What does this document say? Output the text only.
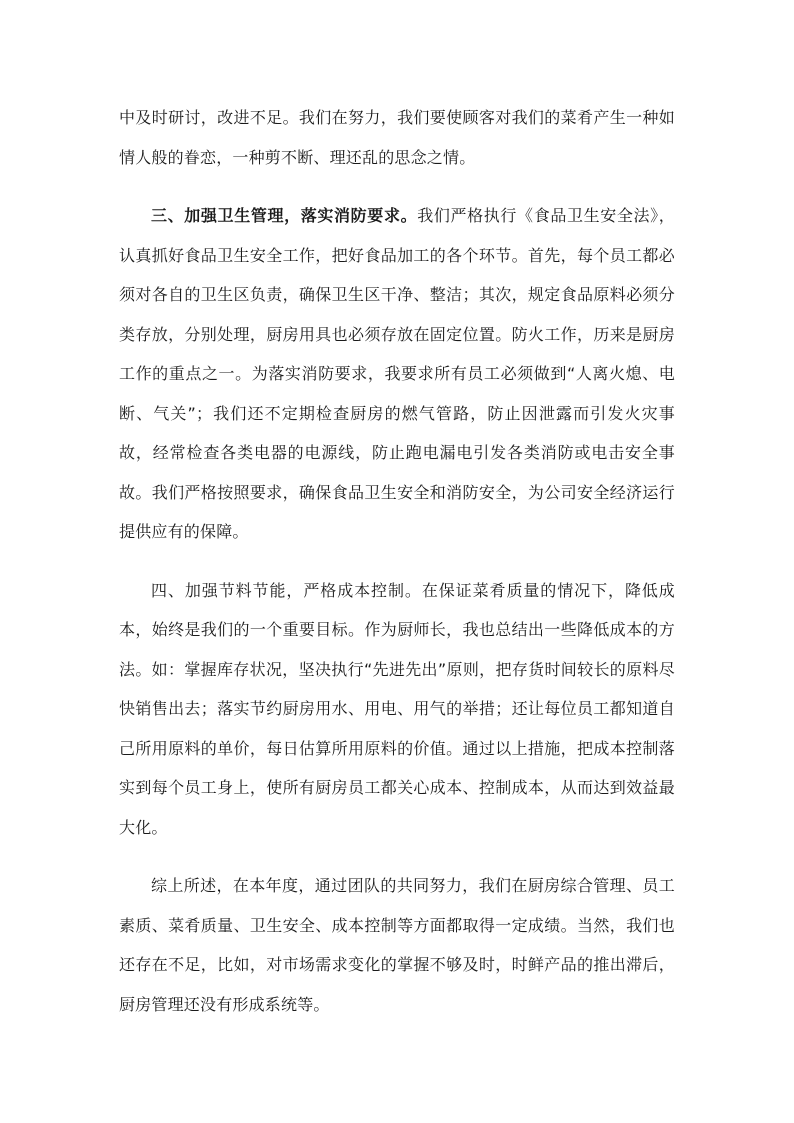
中及时研讨，改进不足。我们在努力，我们要使顾客对我们的菜肴产生一种如情人般的眷恋，一种剪不断、理还乱的思念之情。

三、加强卫生管理，落实消防要求。我们严格执行《食品卫生安全法》，认真抓好食品卫生安全工作，把好食品加工的各个环节。首先，每个员工都必须对各自的卫生区负责，确保卫生区干净、整洁；其次，规定食品原料必须分类存放，分别处理，厨房用具也必须存放在固定位置。防火工作，历来是厨房工作的重点之一。为落实消防要求，我要求所有员工必须做到“人离火熄、电断、气关”；我们还不定期检查厨房的燃气管路，防止因泄露而引发火灾事故，经常检查各类电器的电源线，防止跑电漏电引发各类消防或电击安全事故。我们严格按照要求，确保食品卫生安全和消防安全，为公司安全经济运行提供应有的保障。

四、加强节料节能，严格成本控制。在保证菜肴质量的情况下，降低成本，始终是我们的一个重要目标。作为厨师长，我也总结出一些降低成本的方法。如：掌握库存状况，坚决执行“先进先出”原则，把存货时间较长的原料尽快销售出去；落实节约厨房用水、用电、用气的举措；还让每位员工都知道自己所用原料的单价，每日估算所用原料的价值。通过以上措施，把成本控制落实到每个员工身上，使所有厨房员工都关心成本、控制成本，从而达到效益最大化。

综上所述，在本年度，通过团队的共同努力，我们在厨房综合管理、员工素质、菜肴质量、卫生安全、成本控制等方面都取得一定成绩。当然，我们也还存在不足，比如，对市场需求变化的掌握不够及时，时鲜产品的推出滞后，厨房管理还没有形成系统等。
